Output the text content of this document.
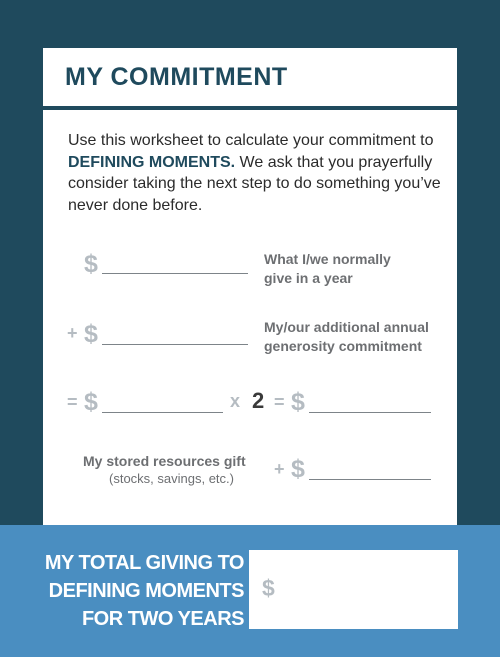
MY COMMITMENT
Use this worksheet to calculate your commitment to DEFINING MOMENTS. We ask that you prayerfully consider taking the next step to do something you’ve never done before.
$	What I/we normally
give in a year
+ $	My/our additional annual
generosity commitment
= $	x 2 = $
My stored resources gift
(stocks, savings, etc.) + $
MY TOTAL GIVING TO
DEFINING MOMENTS
FOR TWO YEARS
$
